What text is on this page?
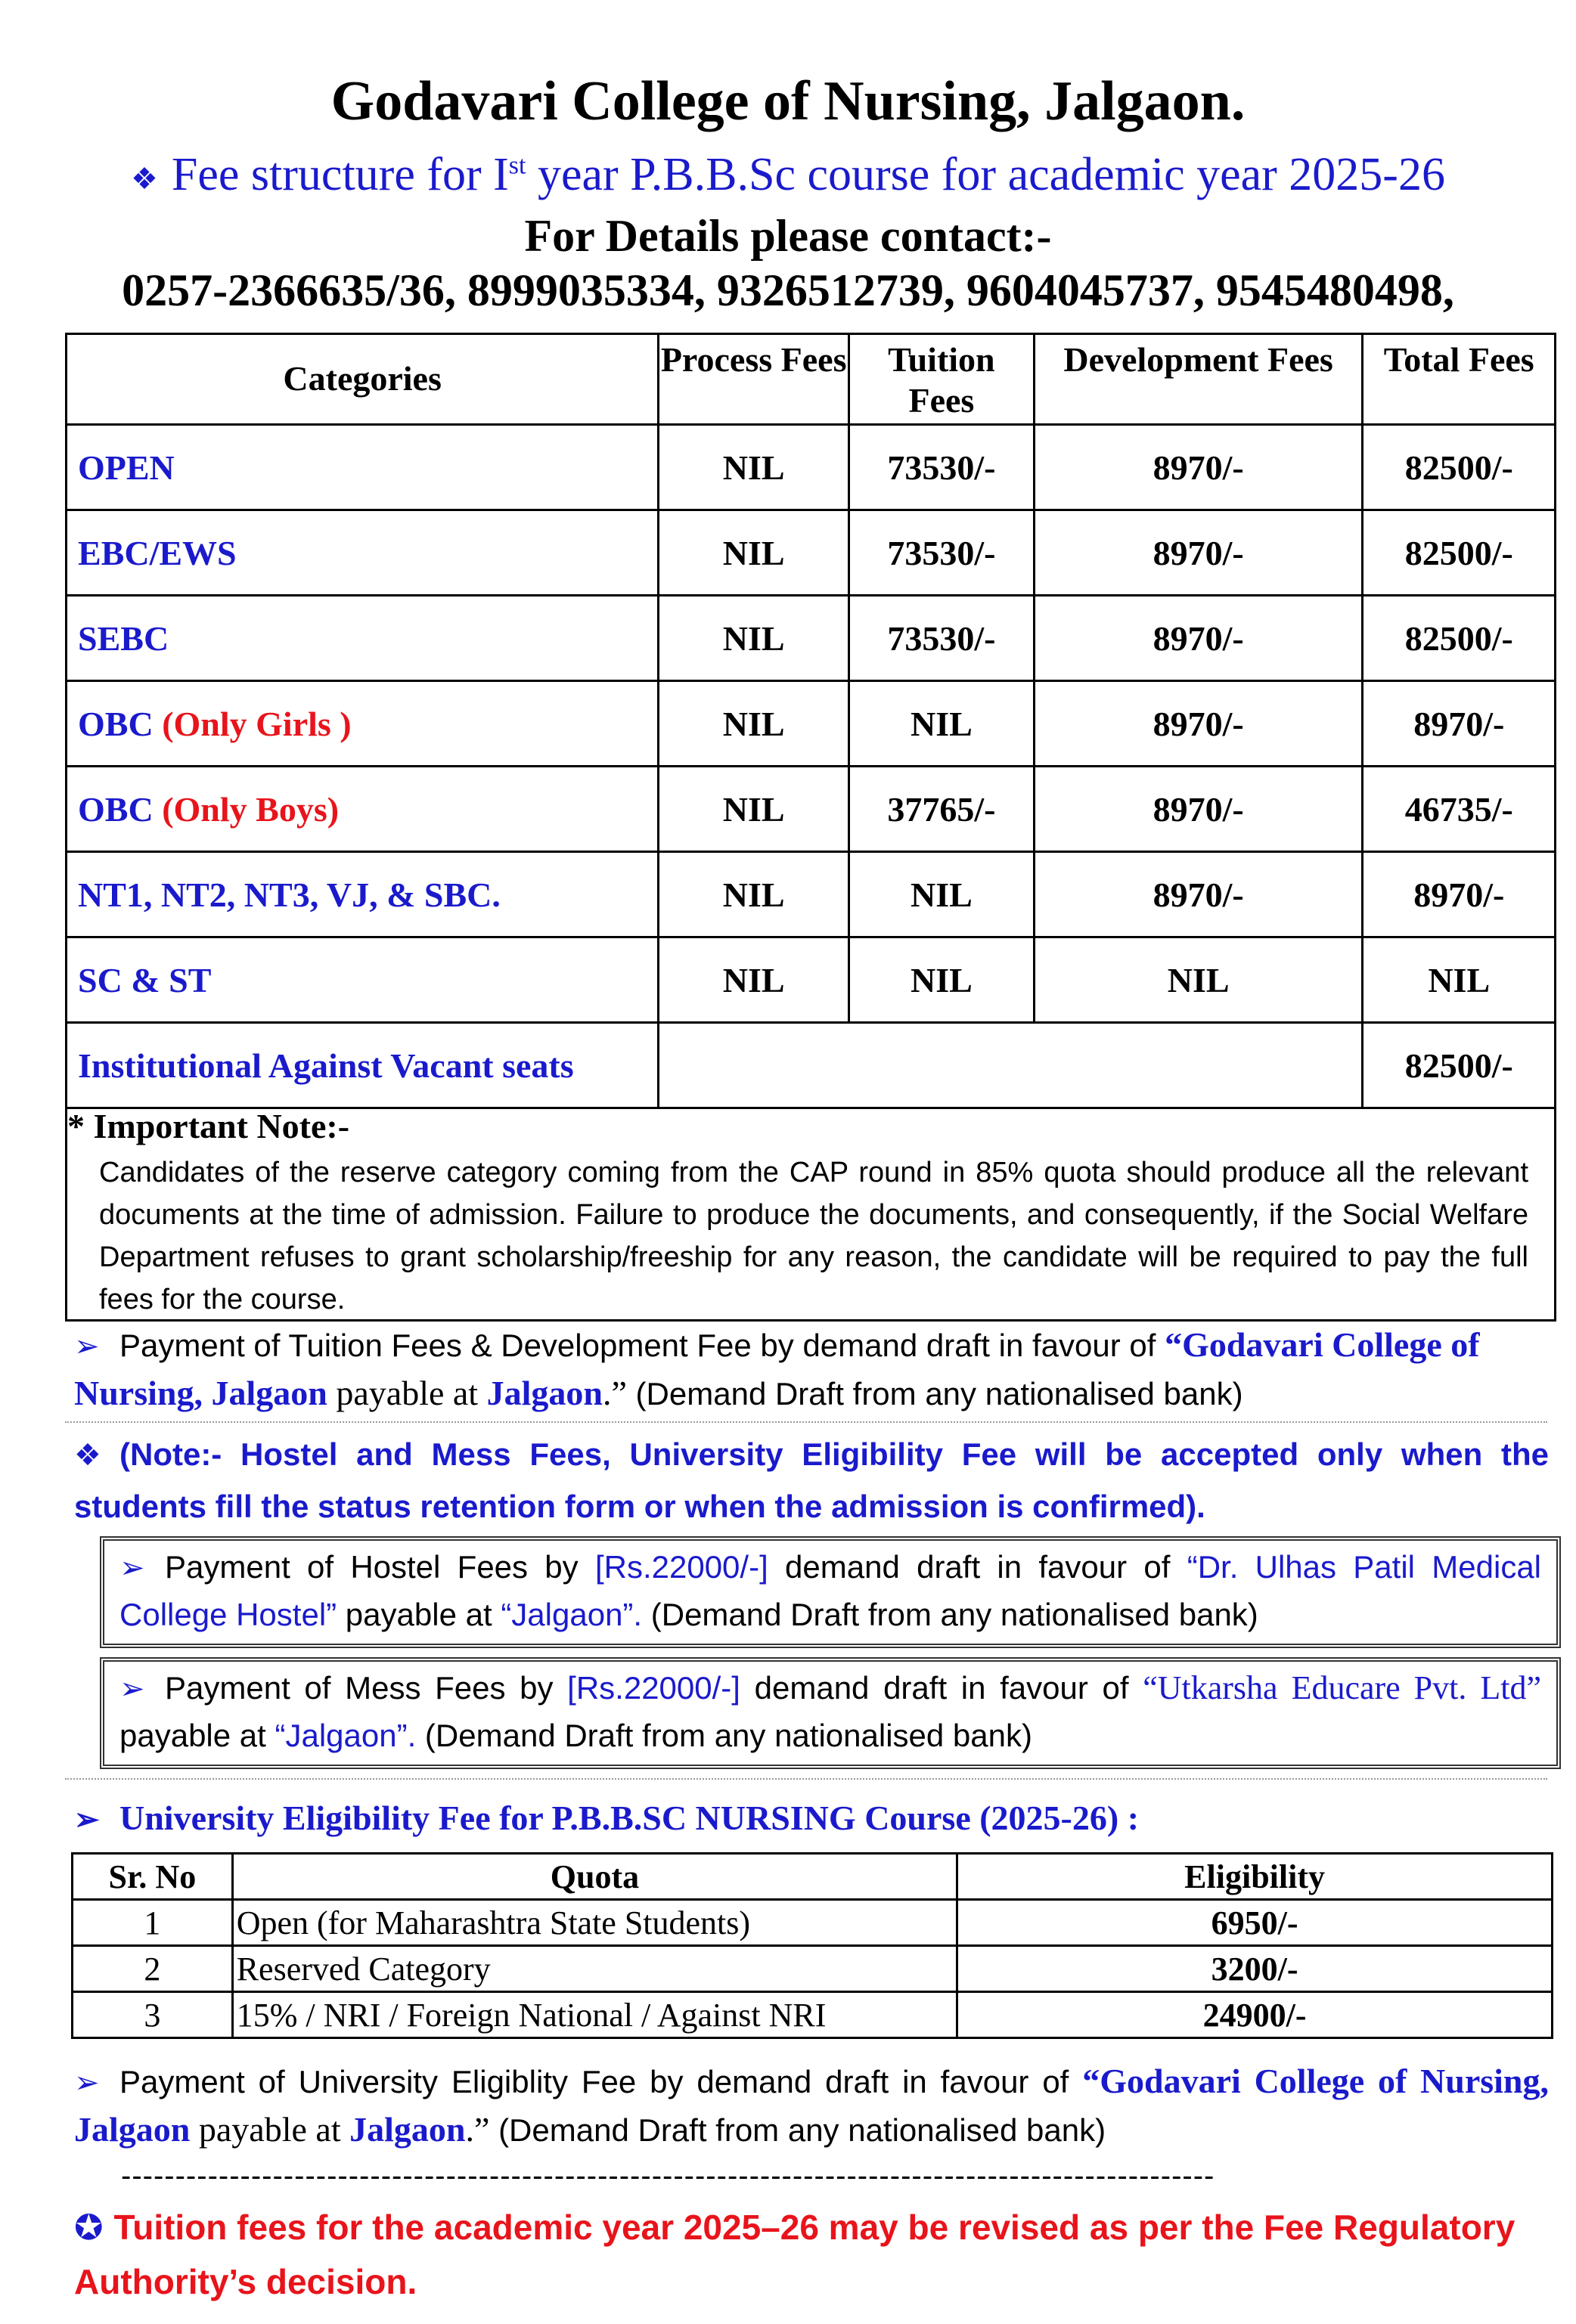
Godavari College of Nursing, Jalgaon.
❖ Fee structure for Ist year P.B.B.Sc course for academic year 2025-26
For Details please contact:-
0257-2366635/36, 8999035334, 9326512739, 9604045737, 9545480498,
Categories	Process Fees	Tuition Fees	Development Fees	Total Fees
OPEN	NIL	73530/-	8970/-	82500/-
EBC/EWS	NIL	73530/-	8970/-	82500/-
SEBC	NIL	73530/-	8970/-	82500/-
OBC (Only Girls )	NIL	NIL	8970/-	8970/-
OBC (Only Boys)	NIL	37765/-	8970/-	46735/-
NT1, NT2, NT3, VJ, & SBC.	NIL	NIL	8970/-	8970/-
SC & ST	NIL	NIL	NIL	NIL
Institutional Against Vacant seats				82500/-
* Important Note:-
Candidates of the reserve category coming from the CAP round in 85% quota should produce all the relevant documents at the time of admission. Failure to produce the documents, and consequently, if the Social Welfare Department refuses to grant scholarship/freeship for any reason, the candidate will be required to pay the full fees for the course.
➢ Payment of Tuition Fees & Development Fee by demand draft in favour of “Godavari College of Nursing, Jalgaon payable at Jalgaon.” (Demand Draft from any nationalised bank)
❖ (Note:- Hostel and Mess Fees, University Eligibility Fee will be accepted only when the students fill the status retention form or when the admission is confirmed).
➢ Payment of Hostel Fees by [Rs.22000/-] demand draft in favour of “Dr. Ulhas Patil Medical College Hostel” payable at “Jalgaon”. (Demand Draft from any nationalised bank)
➢ Payment of Mess Fees by [Rs.22000/-] demand draft in favour of “Utkarsha Educare Pvt. Ltd” payable at “Jalgaon”. (Demand Draft from any nationalised bank)
➢ University Eligibility Fee for P.B.B.SC NURSING Course (2025-26) :
Sr. No	Quota	Eligibility
1	Open (for Maharashtra State Students)	6950/-
2	Reserved Category	3200/-
3	15% / NRI / Foreign National / Against NRI	24900/-
➢ Payment of University Eligiblity Fee by demand draft in favour of “Godavari College of Nursing, Jalgaon payable at Jalgaon.” (Demand Draft from any nationalised bank)
-----------------------------------------------------------------------------------------------------
✪ Tuition fees for the academic year 2025–26 may be revised as per the Fee Regulatory Authority’s decision.
